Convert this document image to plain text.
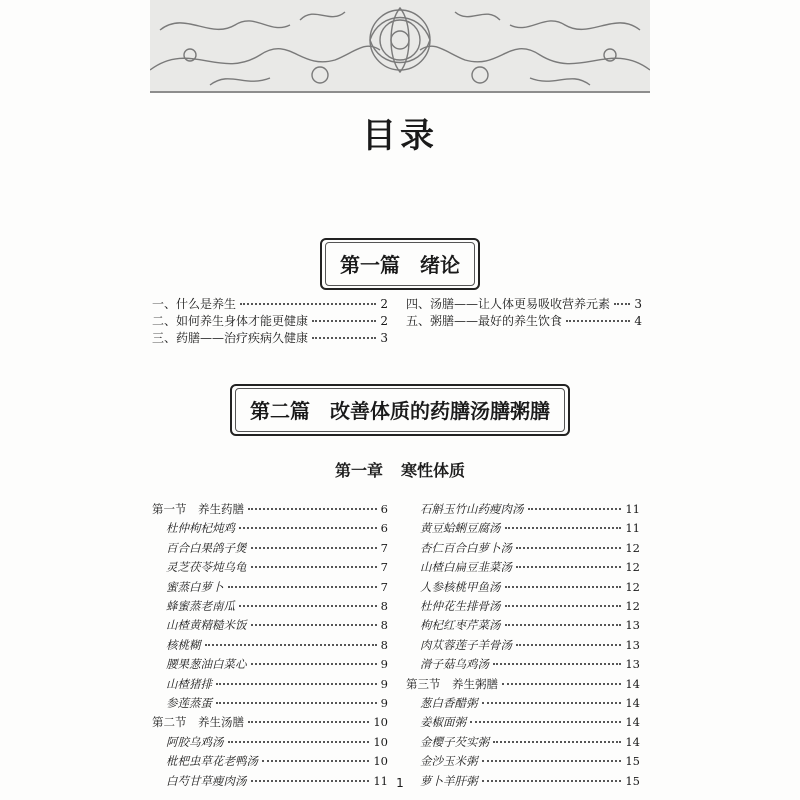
目录
第一篇 绪论
一、什么是养生	2
二、如何养生身体才能更健康	2
三、药膳——治疗疾病久健康	3
四、汤膳——让人体更易吸收营养元素 3
五、粥膳——最好的养生饮食	4
第二篇 改善体质的药膳汤膳粥膳
第一章 寒性体质
第一节　养生药膳	6
杜仲枸杞炖鸡	6
百合白果鸽子煲	7
灵芝茯苓炖乌龟	7
蜜蒸白萝卜	7
蜂蜜蒸老南瓜	8
山楂黄精糙米饭	8
核桃糊	8
腰果葱油白菜心	9
山楂猪排	9
参莲蒸蛋	9
第二节　养生汤膳	10
阿胶乌鸡汤	10
枇杷虫草花老鸭汤	10
白芍甘草瘦肉汤	11
石斛玉竹山药瘦肉汤	11
黄豆蛤蜊豆腐汤	11
杏仁百合白萝卜汤	12
山楂白扁豆韭菜汤	12
人参核桃甲鱼汤	12
杜仲花生排骨汤	12
枸杞红枣芹菜汤	13
肉苁蓉莲子羊骨汤	13
滑子菇乌鸡汤	13
第三节　养生粥膳	14
葱白香醋粥	14
姜椒面粥	14
金樱子芡实粥	14
金沙玉米粥	15
萝卜羊肝粥	15
1
